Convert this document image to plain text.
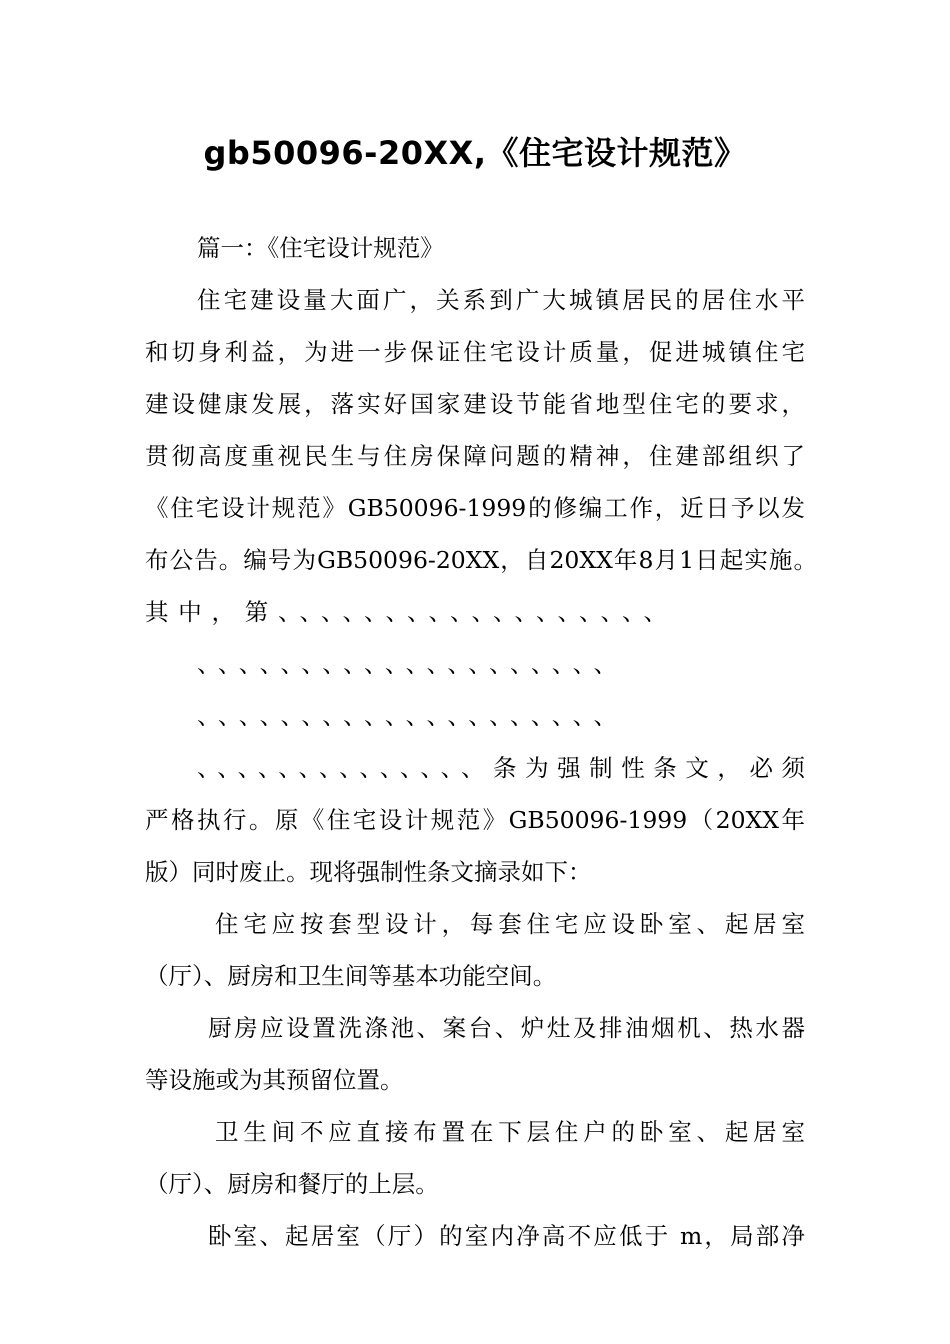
gb50096-20XX,《住宅设计规范》
篇一：《住宅设计规范》
住宅建设量大面广，关系到广大城镇居民的居住水平
和切身利益，为进一步保证住宅设计质量，促进城镇住宅
建设健康发展，落实好国家建设节能省地型住宅的要求，
贯彻高度重视民生与住房保障问题的精神，住建部组织了
《住宅设计规范》GB50096-1999的修编工作，近日予以发
布公告。编号为GB50096-20XX，自20XX年8月1日起实施。
其中，第、、、、、、、、、、、、、、、、、、
、、、、、、、、、、、、、、、、、、、、
、、、、、、、、、、、、、、、、、、、、
、、、、、、、、、、、、、、条为强制性条文，必须
严格执行。原《住宅设计规范》GB50096-1999（20XX年
版）同时废止。现将强制性条文摘录如下：
住宅应按套型设计，每套住宅应设卧室、起居室
（厅）、厨房和卫生间等基本功能空间。
厨房应设置洗涤池、案台、炉灶及排油烟机、热水器
等设施或为其预留位置。
卫生间不应直接布置在下层住户的卧室、起居室
（厅）、厨房和餐厅的上层。
卧室、起居室（厅）的室内净高不应低于 m，局部净
